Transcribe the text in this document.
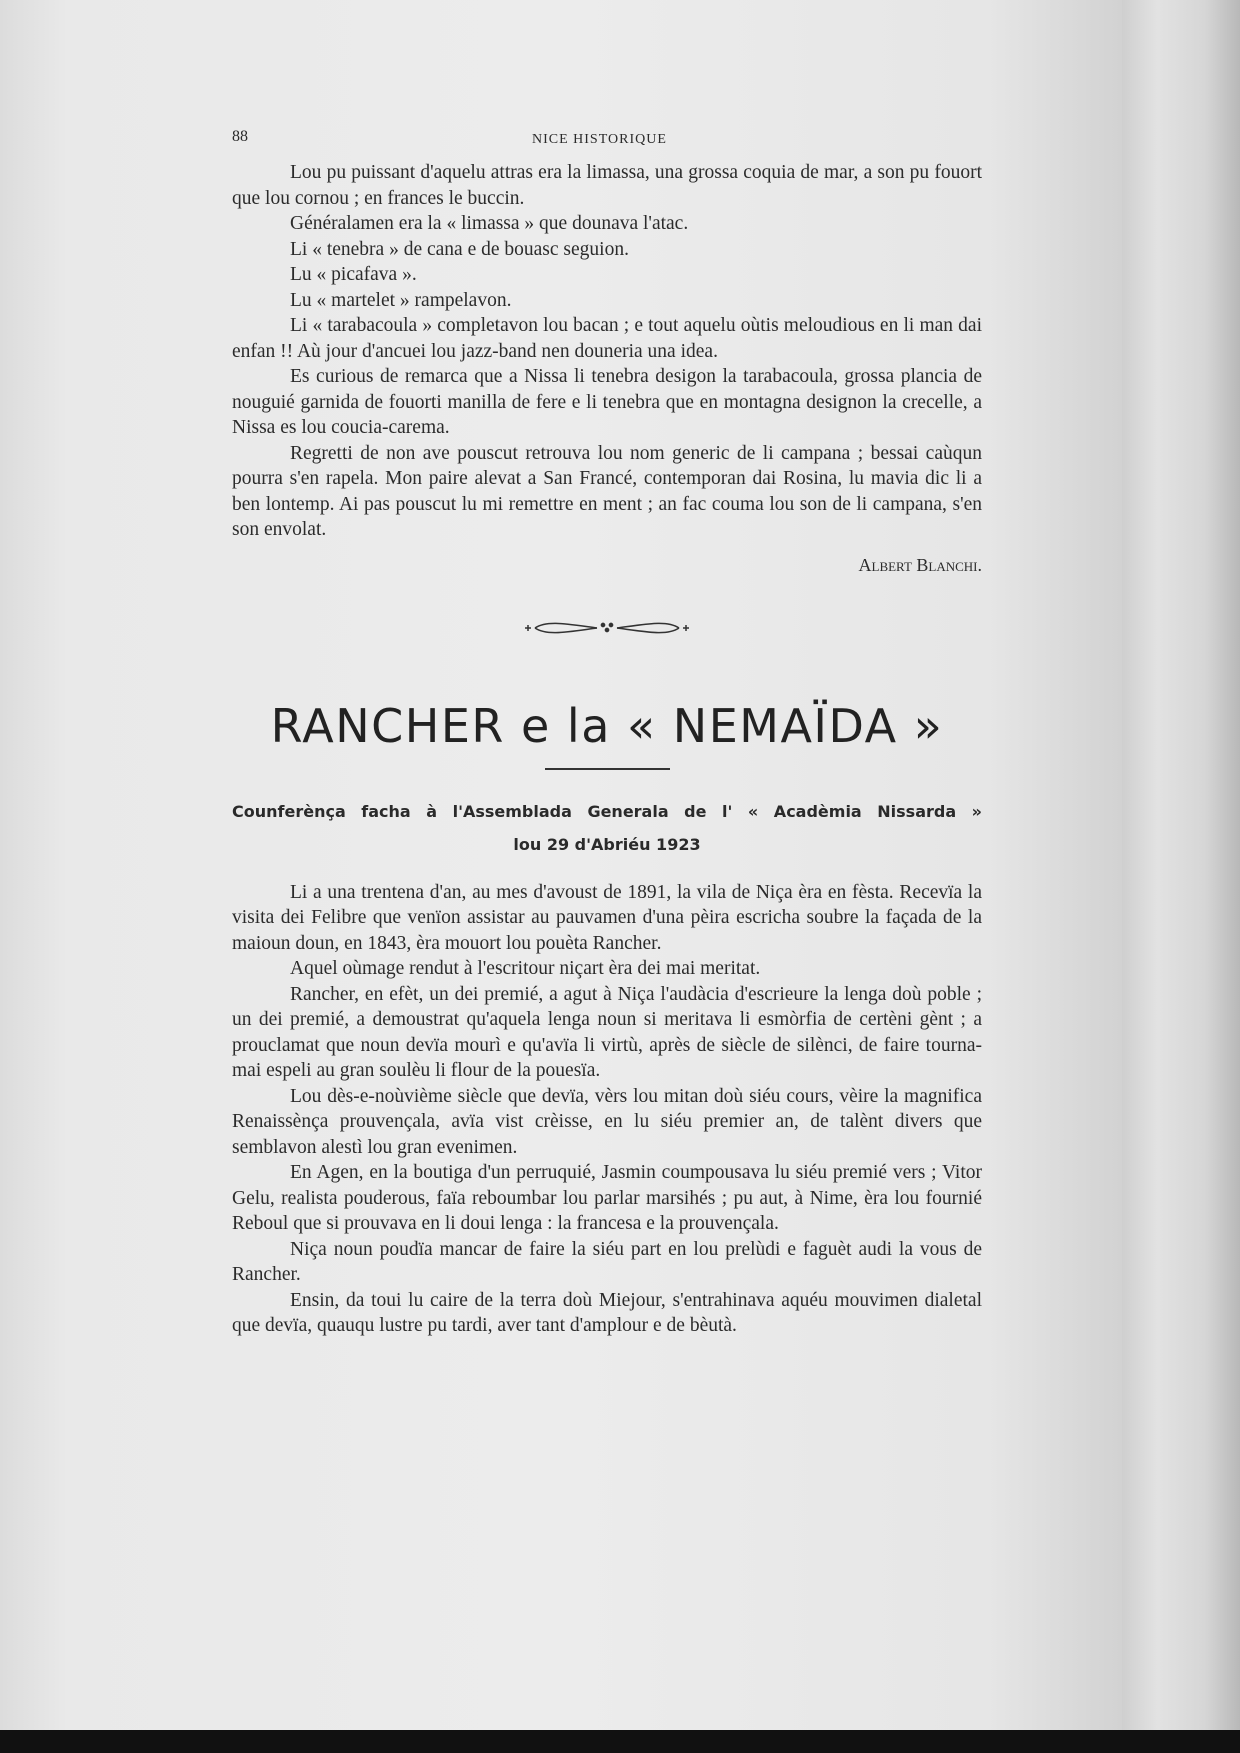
88	NICE HISTORIQUE

Lou pu puissant d'aquelu attras era la limassa, una grossa coquia de mar, a son pu fouort que lou cornou ; en frances le buccin.

Généralamen era la « limassa » que dounava l'atac.
Li « tenebra » de cana e de bouasc seguion.
Lu « picafava ».
Lu « martelet » rampelavon.

Li « tarabacoula » completavon lou bacan ; e tout aquelu oùtis meloudious en li man dai enfan !! Aù jour d'ancuei lou jazz-band nen douneria una idea.

Es curious de remarca que a Nissa li tenebra desigon la tarabacoula, grossa plancia de nouguié garnida de fouorti manilla de fere e li tenebra que en montagna designon la crecelle, a Nissa es lou coucia-carema.

Regretti de non ave pouscut retrouva lou nom generic de li campana ; bessai caùqun pourra s'en rapela. Mon paire alevat a San Francé, contemporan dai Rosina, lu mavia dic li a ben lontemp. Ai pas pouscut lu mi remettre en ment ; an fac couma lou son de li campana, s'en son envolat.

Albert Blanchi.
RANCHER e la « NEMAÏDA »
Counferènça facha à l'Assemblada Generala de l' « Acadèmia Nissarda »
lou 29 d'Abriéu 1923

Li a una trentena d'an, au mes d'avoust de 1891, la vila de Niça èra en fèsta. Recevïa la visita dei Felibre que venïon assistar au pauvamen d'una pèira escricha soubre la façada de la maioun doun, en 1843, èra mouort lou pouèta Rancher.

Aquel oùmage rendut à l'escritour niçart èra dei mai meritat.

Rancher, en efèt, un dei premié, a agut à Niça l'audàcia d'escrieure la lenga doù poble ; un dei premié, a demoustrat qu'aquela lenga noun si meritava li esmòrfia de certèni gènt ; a prouclamat que noun devïa mourì e qu'avïa li virtù, après de siècle de silènci, de faire tourna-mai espeli au gran soulèu li flour de la pouesïa.

Lou dès-e-noùvième siècle que devïa, vèrs lou mitan doù siéu cours, vèire la magnifica Renaissènça prouvençala, avïa vist crèisse, en lu siéu premier an, de talènt divers que semblavon alestì lou gran evenimen.

En Agen, en la boutiga d'un perruquié, Jasmin coumpousava lu siéu premié vers ; Vitor Gelu, realista pouderous, faïa reboumbar lou parlar marsihés ; pu aut, à Nime, èra lou fournié Reboul que si prouvava en li doui lenga : la francesa e la prouvençala.

Niça noun poudïa mancar de faire la siéu part en lou prelùdi e faguèt audi la vous de Rancher.

Ensin, da toui lu caire de la terra doù Miejour, s'entrahinava aquéu mouvimen dialetal que devïa, quauqu lustre pu tardi, aver tant d'amplour e de bèutà.
